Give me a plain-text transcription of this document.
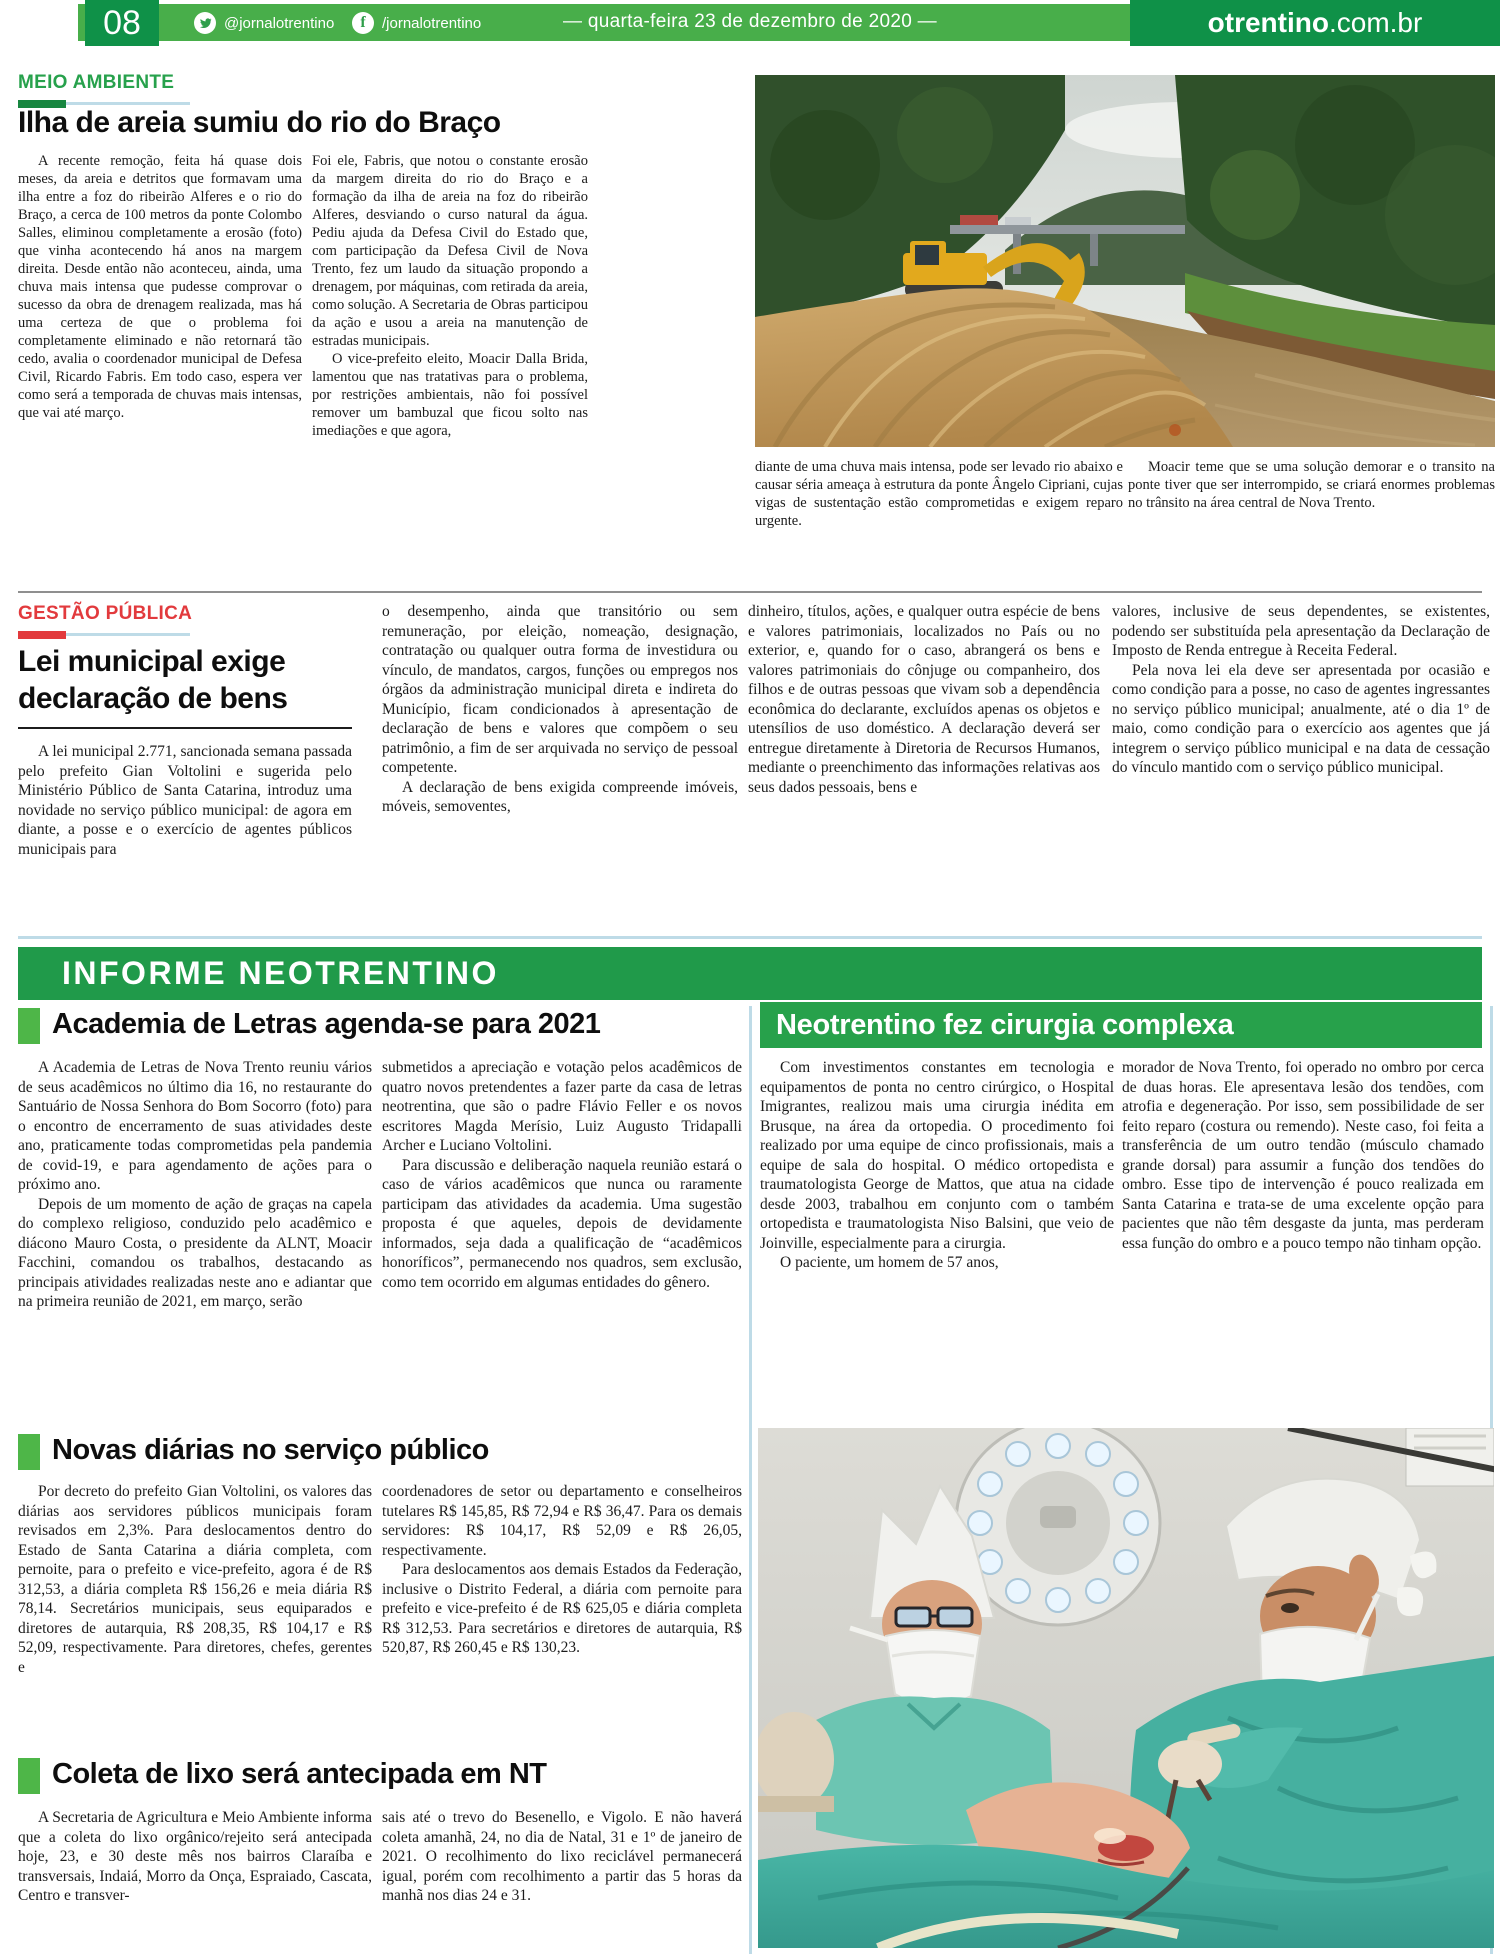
08	@jornalotrentino f /jornalotrentino	— quarta-feira 23 de dezembro de 2020 —	otrentino .com.br
MEIO AMBIENTE
Ilha de areia sumiu do rio do Braço

A recente remoção, feita há quase dois meses, da areia e detritos que formavam uma ilha entre a foz do ribeirão Alferes e o rio do Braço, a cerca de 100 metros da ponte Colombo Salles, eliminou completamente a erosão (foto) que vinha acontecendo há anos na margem direita. Desde então não aconteceu, ainda, uma chuva mais intensa que pudesse comprovar o sucesso da obra de drenagem realizada, mas há uma certeza de que o problema foi completamente eliminado e não retornará tão cedo, avalia o coordenador municipal de Defesa Civil, Ricardo Fabris. Em todo caso, espera ver como será a temporada de chuvas mais intensas, que vai até março.

Foi ele, Fabris, que notou o constante erosão da margem direita do rio do Braço e a formação da ilha de areia na foz do ribeirão Alferes, desviando o curso natural da água. Pediu ajuda da Defesa Civil do Estado que, com participação da Defesa Civil de Nova Trento, fez um laudo da situação propondo a drenagem, por máquinas, com retirada da areia, como solução. A Secretaria de Obras participou da ação e usou a areia na manutenção de estradas municipais.

O vice-prefeito eleito, Moacir Dalla Brida, lamentou que nas tratativas para o problema, por restrições ambientais, não foi possível remover um bambuzal que ficou solto nas imediações e que agora,

diante de uma chuva mais intensa, pode ser levado rio abaixo e causar séria ameaça à estrutura da ponte Ângelo Cipriani, cujas vigas de sustentação estão comprometidas e exigem reparo urgente.

Moacir teme que se uma solução demorar e o transito na ponte tiver que ser interrompido, se criará enormes problemas no trânsito na área central de Nova Trento.

GESTÃO PÚBLICA
Lei municipal exige declaração de bens

A lei municipal 2.771, sancionada semana passada pelo prefeito Gian Voltolini e sugerida pelo Ministério Público de Santa Catarina, introduz uma novidade no serviço público municipal: de agora em diante, a posse e o exercício de agentes públicos municipais para

o desempenho, ainda que transitório ou sem remuneração, por eleição, nomeação, designação, contratação ou qualquer outra forma de investidura ou vínculo, de mandatos, cargos, funções ou empregos nos órgãos da administração municipal direta e indireta do Município, ficam condicionados à apresentação de declaração de bens e valores que compõem o seu patrimônio, a fim de ser arquivada no serviço de pessoal competente.

A declaração de bens exigida compreende imóveis, móveis, semoventes,

dinheiro, títulos, ações, e qualquer outra espécie de bens e valores patrimoniais, localizados no País ou no exterior, e, quando for o caso, abrangerá os bens e valores patrimoniais do cônjuge ou companheiro, dos filhos e de outras pessoas que vivam sob a dependência econômica do declarante, excluídos apenas os objetos e utensílios de uso doméstico. A declaração deverá ser entregue diretamente à Diretoria de Recursos Humanos, mediante o preenchimento das informações relativas aos seus dados pessoais, bens e

valores, inclusive de seus dependentes, se existentes, podendo ser substituída pela apresentação da Declaração de Imposto de Renda entregue à Receita Federal.

Pela nova lei ela deve ser apresentada por ocasião e como condição para a posse, no caso de agentes ingressantes no serviço público municipal; anualmente, até o dia 1º de maio, como condição para o exercício aos agentes que já integrem o serviço público municipal e na data de cessação do vínculo mantido com o serviço público municipal.

INFORME NEOTRENTINO
Academia de Letras agenda-se para 2021

A Academia de Letras de Nova Trento reuniu vários de seus acadêmicos no último dia 16, no restaurante do Santuário de Nossa Senhora do Bom Socorro (foto) para o encontro de encerramento de suas atividades deste ano, praticamente todas comprometidas pela pandemia de covid-19, e para agendamento de ações para o próximo ano.

Depois de um momento de ação de graças na capela do complexo religioso, conduzido pelo acadêmico e diácono Mauro Costa, o presidente da ALNT, Moacir Facchini, comandou os trabalhos, destacando as principais atividades realizadas neste ano e adiantar que na primeira reunião de 2021, em março, serão

submetidos a apreciação e votação pelos acadêmicos de quatro novos pretendentes a fazer parte da casa de letras neotrentina, que são o padre Flávio Feller e os novos escritores Magda Merísio, Luiz Augusto Tridapalli Archer e Luciano Voltolini.

Para discussão e deliberação naquela reunião estará o caso de vários acadêmicos que nunca ou raramente participam das atividades da academia. Uma sugestão proposta é que aqueles, depois de devidamente informados, seja dada a qualificação de “acadêmicos honoríficos”, permanecendo nos quadros, sem exclusão, como tem ocorrido em algumas entidades do gênero.

Neotrentino fez cirurgia complexa

Com investimentos constantes em tecnologia e equipamentos de ponta no centro cirúrgico, o Hospital Imigrantes, realizou mais uma cirurgia inédita em Brusque, na área da ortopedia. O procedimento foi realizado por uma equipe de cinco profissionais, mais a equipe de sala do hospital. O médico ortopedista e traumatologista George de Mattos, que atua na cidade desde 2003, trabalhou em conjunto com o também ortopedista e traumatologista Niso Balsini, que veio de Joinville, especialmente para a cirurgia.

O paciente, um homem de 57 anos,

morador de Nova Trento, foi operado no ombro por cerca de duas horas. Ele apresentava lesão dos tendões, com atrofia e degeneração. Por isso, sem possibilidade de ser feito reparo (costura ou remendo). Neste caso, foi feita a transferência de um outro tendão (músculo chamado grande dorsal) para assumir a função dos tendões do ombro. Esse tipo de intervenção é pouco realizada em Santa Catarina e trata-se de uma excelente opção para pacientes que não têm desgaste da junta, mas perderam essa função do ombro e a pouco tempo não tinham opção.

Novas diárias no serviço público

Por decreto do prefeito Gian Voltolini, os valores das diárias aos servidores públicos municipais foram revisados em 2,3%. Para deslocamentos dentro do Estado de Santa Catarina a diária completa, com pernoite, para o prefeito e vice-prefeito, agora é de R$ 312,53, a diária completa R$ 156,26 e meia diária R$ 78,14. Secretários municipais, seus equiparados e diretores de autarquia, R$ 208,35, R$ 104,17 e R$ 52,09, respectivamente. Para diretores, chefes, gerentes e

coordenadores de setor ou departamento e conselheiros tutelares R$ 145,85, R$ 72,94 e R$ 36,47. Para os demais servidores: R$ 104,17, R$ 52,09 e R$ 26,05, respectivamente.

Para deslocamentos aos demais Estados da Federação, inclusive o Distrito Federal, a diária com pernoite para prefeito e vice-prefeito é de R$ 625,05 e diária completa R$ 312,53. Para secretários e diretores de autarquia, R$ 520,87, R$ 260,45 e R$ 130,23.

Coleta de lixo será antecipada em NT

A Secretaria de Agricultura e Meio Ambiente informa que a coleta do lixo orgânico/rejeito será antecipada hoje, 23, e 30 deste mês nos bairros Claraíba e transversais, Indaiá, Morro da Onça, Espraiado, Cascata, Centro e transver-

sais até o trevo do Besenello, e Vigolo. E não haverá coleta amanhã, 24, no dia de Natal, 31 e 1º de janeiro de 2021. O recolhimento do lixo reciclável permanecerá igual, porém com recolhimento a partir das 5 horas da manhã nos dias 24 e 31.
